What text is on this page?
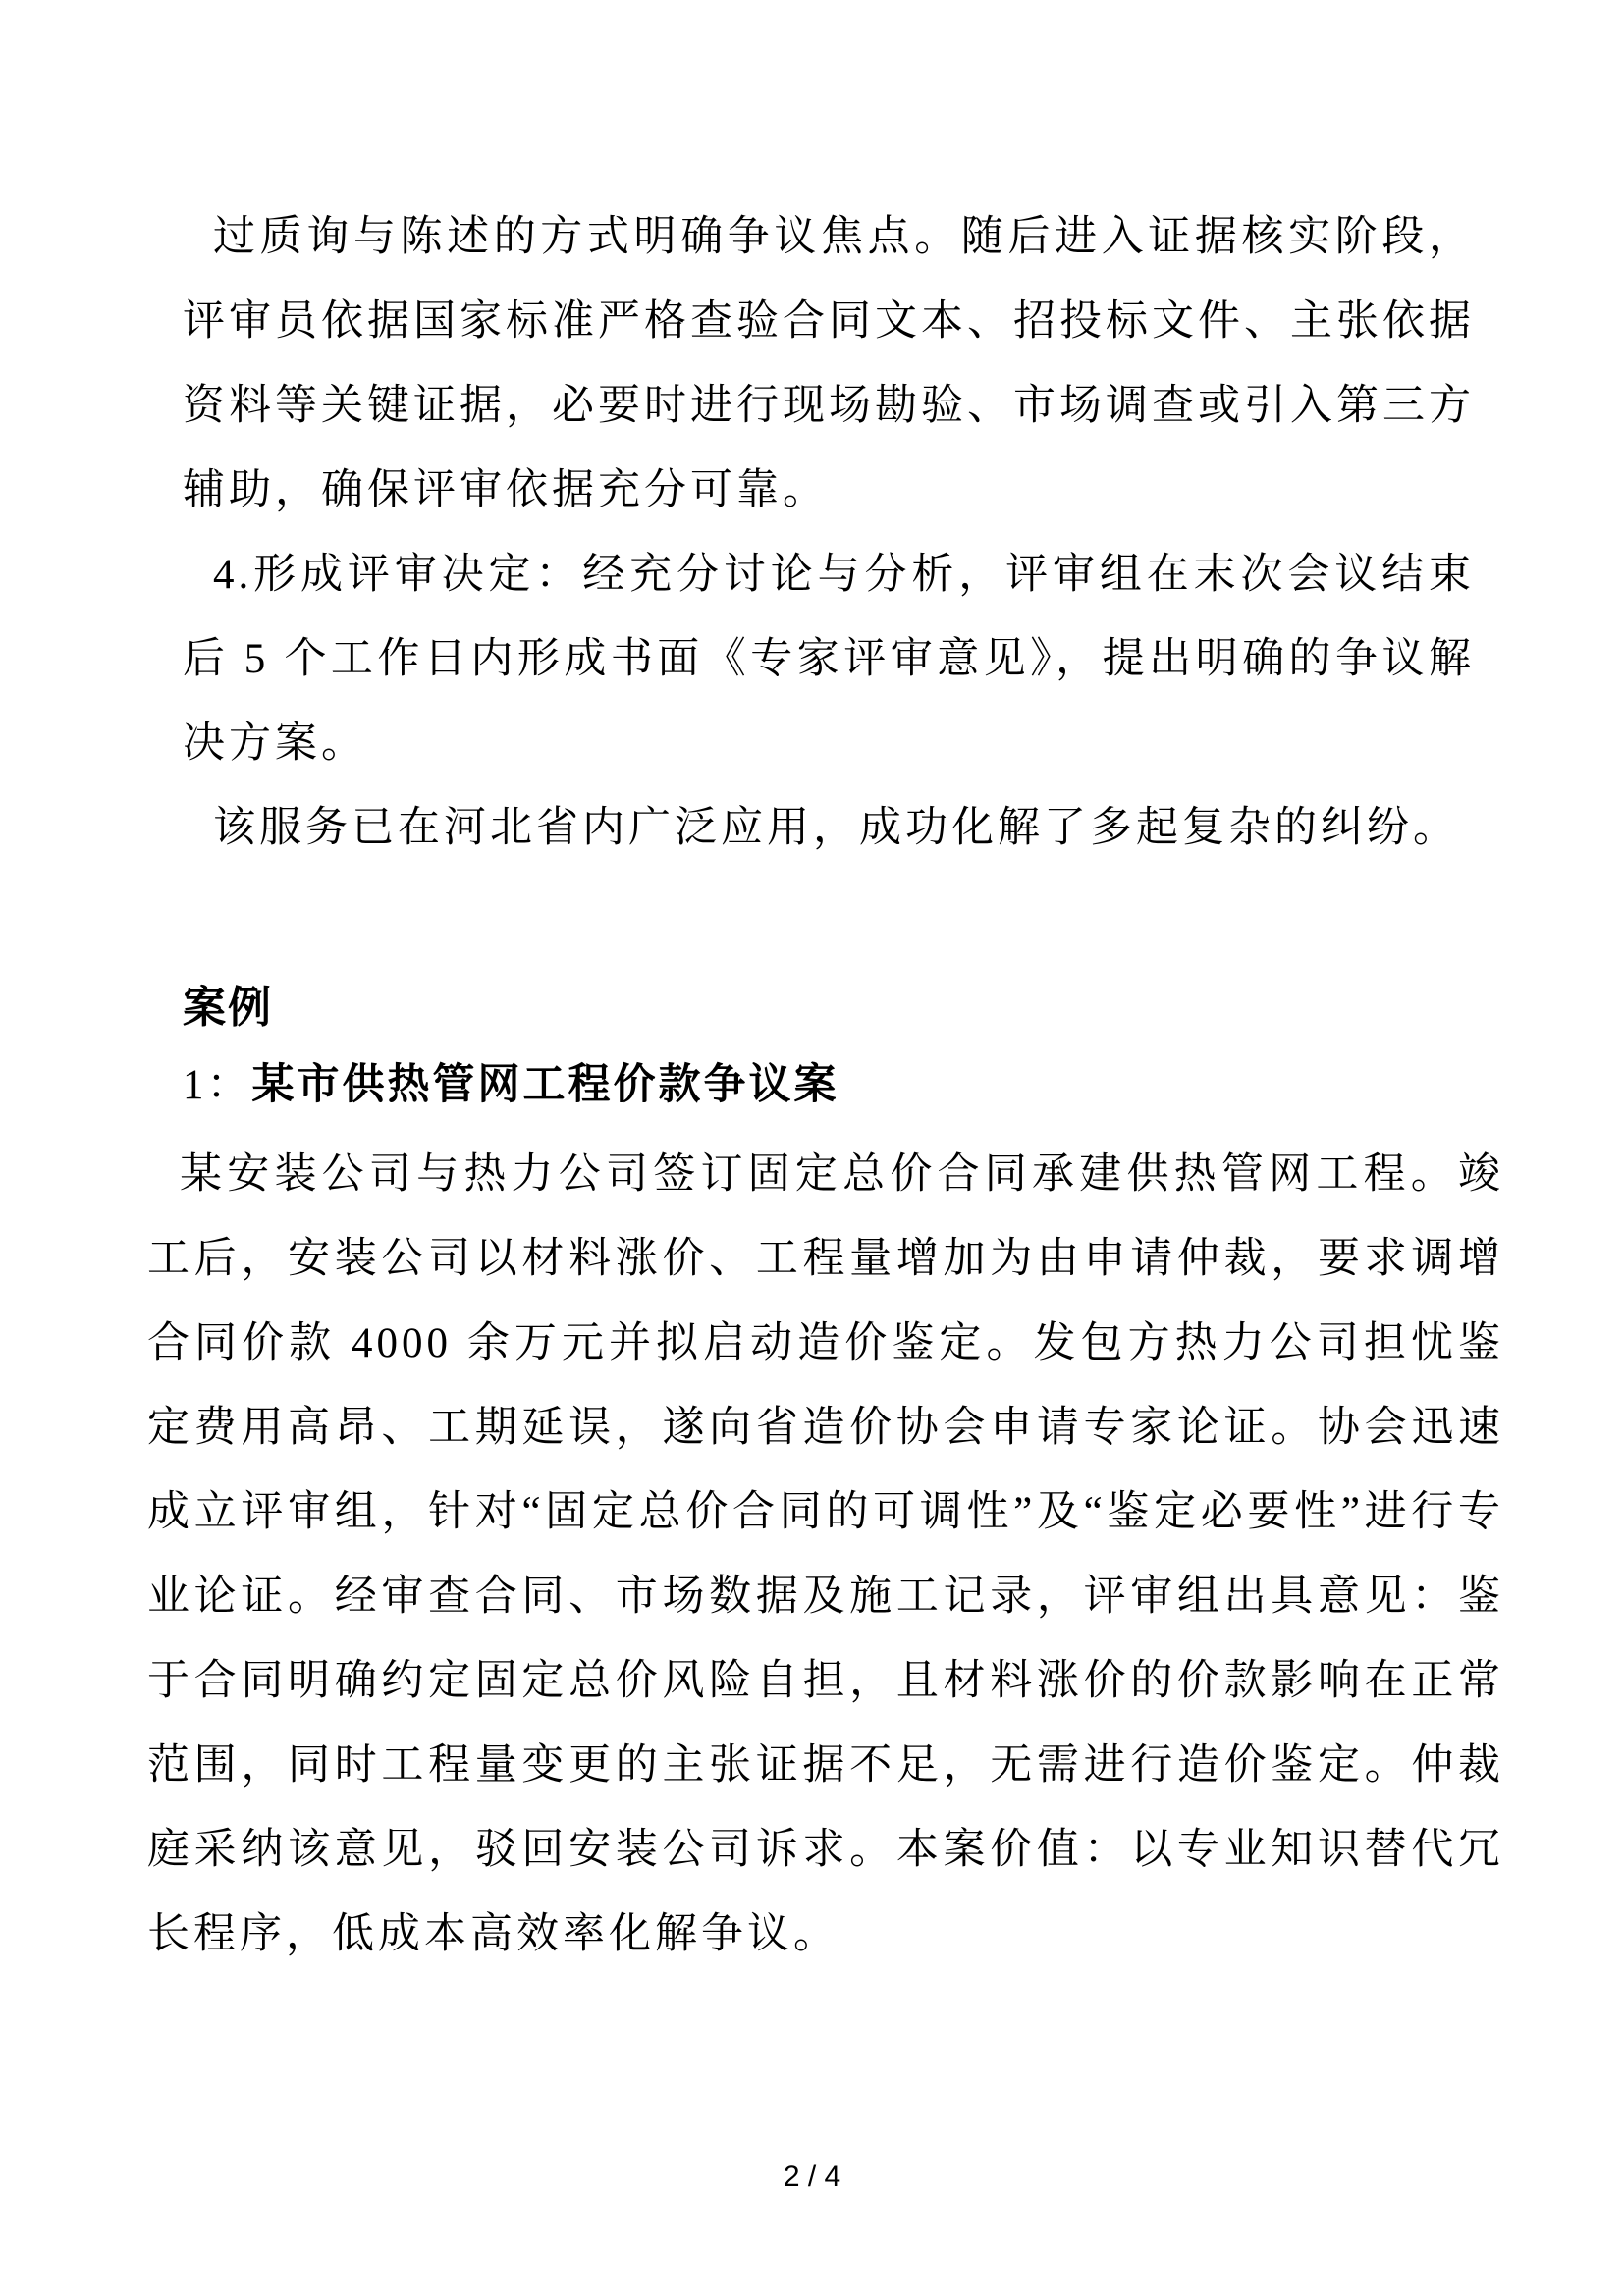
过质询与陈述的方式明确争议焦点。随后进入证据核实阶段，评审员依据国家标准严格查验合同文本、招投标文件、主张依据资料等关键证据，必要时进行现场勘验、市场调查或引入第三方辅助，确保评审依据充分可靠。

4.形成评审决定：经充分讨论与分析，评审组在末次会议结束后 5 个工作日内形成书面《专家评审意见》，提出明确的争议解决方案。

该服务已在河北省内广泛应用，成功化解了多起复杂的纠纷。

案例
1：某市供热管网工程价款争议案

某安装公司与热力公司签订固定总价合同承建供热管网工程。竣工后，安装公司以材料涨价、工程量增加为由申请仲裁，要求调增合同价款 4000 余万元并拟启动造价鉴定。发包方热力公司担忧鉴定费用高昂、工期延误，遂向省造价协会申请专家论证。协会迅速成立评审组，针对“固定总价合同的可调性”及“鉴定必要性”进行专业论证。经审查合同、市场数据及施工记录，评审组出具意见：鉴于合同明确约定固定总价风险自担，且材料涨价的价款影响在正常范围，同时工程量变更的主张证据不足，无需进行造价鉴定。仲裁庭采纳该意见，驳回安装公司诉求。本案价值：以专业知识替代冗长程序，低成本高效率化解争议。

2 / 4
